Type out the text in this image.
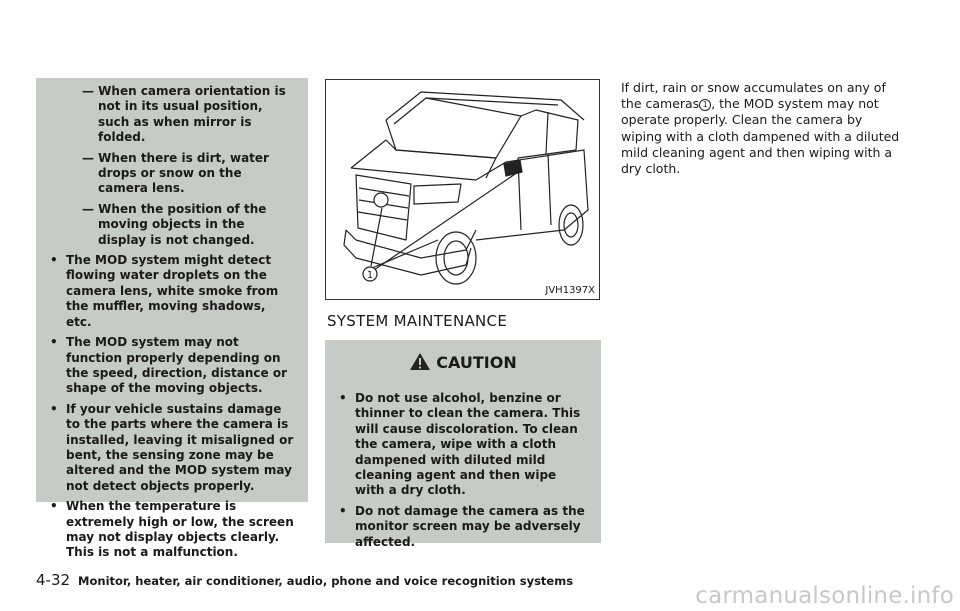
— When camera orientation is not in its usual position, such as when mirror is folded.
— When there is dirt, water drops or snow on the camera lens.
— When the position of the moving objects in the display is not changed.
• The MOD system might detect flowing water droplets on the camera lens, white smoke from the muffler, moving shadows, etc.
• The MOD system may not function properly depending on the speed, direction, distance or shape of the moving objects.
• If your vehicle sustains damage to the parts where the camera is installed, leaving it misaligned or bent, the sensing zone may be altered and the MOD system may not detect objects properly.
• When the temperature is extremely high or low, the screen may not display objects clearly. This is not a malfunction.
1
JVH1397X
SYSTEM MAINTENANCE
CAUTION
• Do not use alcohol, benzine or thinner to clean the camera. This will cause discoloration. To clean the camera, wipe with a cloth dampened with diluted mild cleaning agent and then wipe with a dry cloth.
• Do not damage the camera as the monitor screen may be adversely affected.
If dirt, rain or snow accumulates on any of the cameras 1 , the MOD system may not operate properly. Clean the camera by wiping with a cloth dampened with a diluted mild cleaning agent and then wiping with a dry cloth.
4-32 Monitor, heater, air conditioner, audio, phone and voice recognition systems
carmanualsonline.info
